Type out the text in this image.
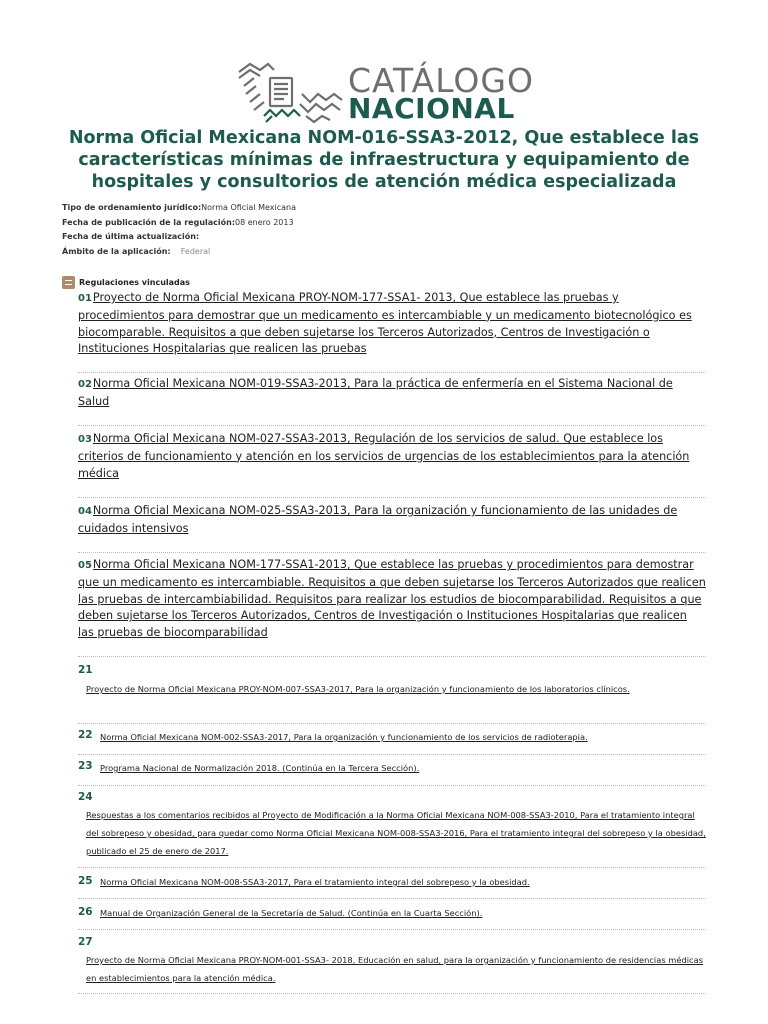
CATÁLOGO
NACIONAL
Norma Oficial Mexicana NOM-016-SSA3-2012, Que establece las características mínimas de infraestructura y equipamiento de hospitales y consultorios de atención médica especializada
Tipo de ordenamiento jurídico:Norma Oficial Mexicana
Fecha de publicación de la regulación:08 enero 2013
Fecha de última actualización:
Ámbito de la aplicación: Federal
Regulaciones vinculadas
01Proyecto de Norma Oficial Mexicana PROY-NOM-177-SSA1- 2013, Que establece las pruebas y procedimientos para demostrar que un medicamento es intercambiable y un medicamento biotecnológico es biocomparable. Requisitos a que deben sujetarse los Terceros Autorizados, Centros de Investigación o Instituciones Hospitalarias que realicen las pruebas
02Norma Oficial Mexicana NOM-019-SSA3-2013, Para la práctica de enfermería en el Sistema Nacional de Salud
03Norma Oficial Mexicana NOM-027-SSA3-2013, Regulación de los servicios de salud. Que establece los criterios de funcionamiento y atención en los servicios de urgencias de los establecimientos para la atención médica
04Norma Oficial Mexicana NOM-025-SSA3-2013, Para la organización y funcionamiento de las unidades de cuidados intensivos
05Norma Oficial Mexicana NOM-177-SSA1-2013, Que establece las pruebas y procedimientos para demostrar que un medicamento es intercambiable. Requisitos a que deben sujetarse los Terceros Autorizados que realicen las pruebas de intercambiabilidad. Requisitos para realizar los estudios de biocomparabilidad. Requisitos a que deben sujetarse los Terceros Autorizados, Centros de Investigación o Instituciones Hospitalarias que realicen las pruebas de biocomparabilidad
21
Proyecto de Norma Oficial Mexicana PROY-NOM-007-SSA3-2017, Para la organización y funcionamiento de los laboratorios clínicos.
22 Norma Oficial Mexicana NOM-002-SSA3-2017, Para la organización y funcionamiento de los servicios de radioterapia.
23 Programa Nacional de Normalización 2018. (Continúa en la Tercera Sección).
24
Respuestas a los comentarios recibidos al Proyecto de Modificación a la Norma Oficial Mexicana NOM-008-SSA3-2010, Para el tratamiento integral del sobrepeso y obesidad, para quedar como Norma Oficial Mexicana NOM-008-SSA3-2016, Para el tratamiento integral del sobrepeso y la obesidad, publicado el 25 de enero de 2017.
25 Norma Oficial Mexicana NOM-008-SSA3-2017, Para el tratamiento integral del sobrepeso y la obesidad.
26 Manual de Organización General de la Secretaría de Salud. (Continúa en la Cuarta Sección).
27
Proyecto de Norma Oficial Mexicana PROY-NOM-001-SSA3- 2018, Educación en salud, para la organización y funcionamiento de residencias médicas en establecimientos para la atención médica.
